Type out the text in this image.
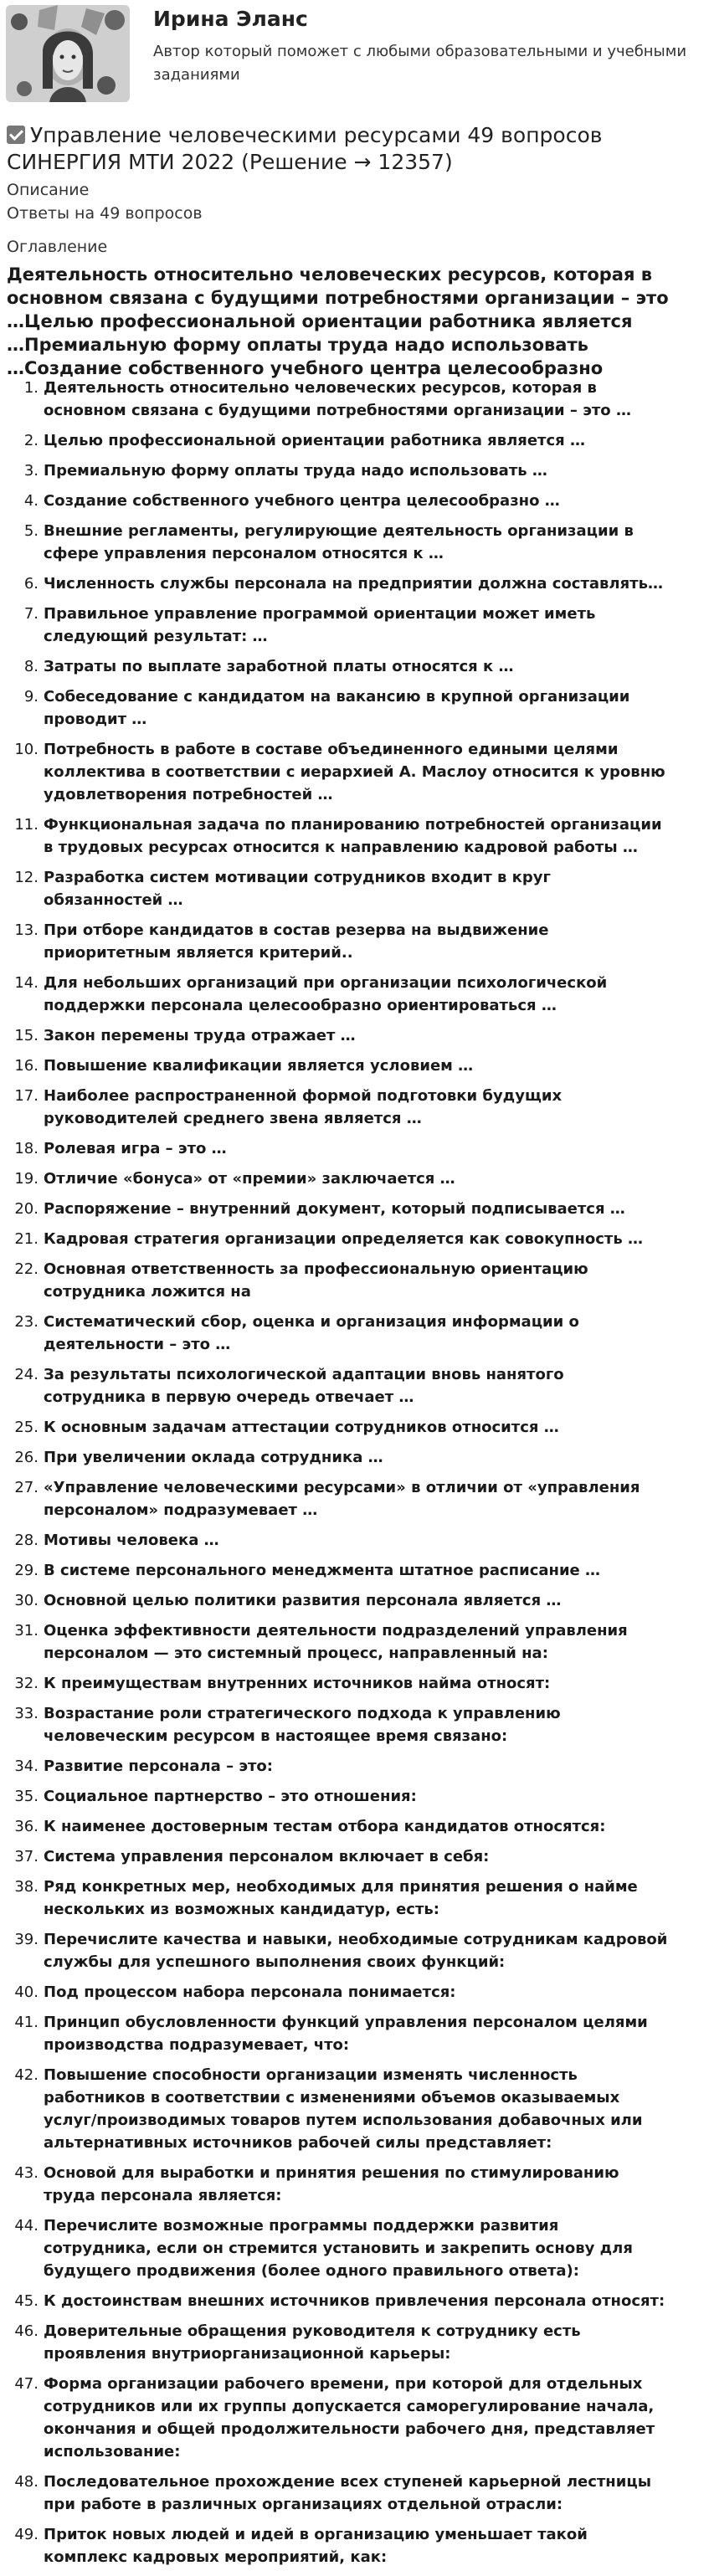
Ирина Эланс
Автор который поможет с любыми образовательными и учебными заданиями
Управление человеческими ресурсами 49 вопросов СИНЕРГИЯ МТИ 2022 (Решение → 12357)
Описание
Ответы на 49 вопросов
Оглавление
Деятельность относительно человеческих ресурсов, которая в
основном связана с будущими потребностями организации – это
…Целью профессиональной ориентации работника является
…Премиальную форму оплаты труда надо использовать
…Создание собственного учебного центра целесообразно
1. Деятельность относительно человеческих ресурсов, которая в
основном связана с будущими потребностями организации – это …
2. Целью профессиональной ориентации работника является …
3. Премиальную форму оплаты труда надо использовать …
4. Создание собственного учебного центра целесообразно …
5. Внешние регламенты, регулирующие деятельность организации в
сфере управления персоналом относятся к …
6. Численность службы персонала на предприятии должна составлять…
7. Правильное управление программой ориентации может иметь
следующий результат: …
8. Затраты по выплате заработной платы относятся к …
9. Собеседование с кандидатом на вакансию в крупной организации
проводит …
10. Потребность в работе в составе объединенного едиными целями
коллектива в соответствии с иерархией А. Маслоу относится к уровню
удовлетворения потребностей …
11. Функциональная задача по планированию потребностей организации
в трудовых ресурсах относится к направлению кадровой работы …
12. Разработка систем мотивации сотрудников входит в круг
обязанностей …
13. При отборе кандидатов в состав резерва на выдвижение
приоритетным является критерий..
14. Для небольших организаций при организации психологической
поддержки персонала целесообразно ориентироваться …
15. Закон перемены труда отражает …
16. Повышение квалификации является условием …
17. Наиболее распространенной формой подготовки будущих
руководителей среднего звена является …
18. Ролевая игра – это …
19. Отличие «бонуса» от «премии» заключается …
20. Распоряжение – внутренний документ, который подписывается …
21. Кадровая стратегия организации определяется как совокупность …
22. Основная ответственность за профессиональную ориентацию
сотрудника ложится на
23. Систематический сбор, оценка и организация информации о
деятельности – это …
24. За результаты психологической адаптации вновь нанятого
сотрудника в первую очередь отвечает …
25. К основным задачам аттестации сотрудников относится …
26. При увеличении оклада сотрудника …
27. «Управление человеческими ресурсами» в отличии от «управления
персоналом» подразумевает …
28. Мотивы человека …
29. В системе персонального менеджмента штатное расписание …
30. Основной целью политики развития персонала является …
31. Оценка эффективности деятельности подразделений управления
персоналом — это системный процесс, направленный на:
32. К преимуществам внутренних источников найма относят:
33. Возрастание роли стратегического подхода к управлению
человеческим ресурсом в настоящее время связано:
34. Развитие персонала – это:
35. Социальное партнерство – это отношения:
36. К наименее достоверным тестам отбора кандидатов относятся:
37. Система управления персоналом включает в себя:
38. Ряд конкретных мер, необходимых для принятия решения о найме
нескольких из возможных кандидатур, есть:
39. Перечислите качества и навыки, необходимые сотрудникам кадровой
службы для успешного выполнения своих функций:
40. Под процессом набора персонала понимается:
41. Принцип обусловленности функций управления персоналом целями
производства подразумевает, что:
42. Повышение способности организации изменять численность
работников в соответствии с изменениями объемов оказываемых
услуг/производимых товаров путем использования добавочных или
альтернативных источников рабочей силы представляет:
43. Основой для выработки и принятия решения по стимулированию
труда персонала является:
44. Перечислите возможные программы поддержки развития
сотрудника, если он стремится установить и закрепить основу для
будущего продвижения (более одного правильного ответа):
45. К достоинствам внешних источников привлечения персонала относят:
46. Доверительные обращения руководителя к сотруднику есть
проявления внутриорганизационной карьеры:
47. Форма организации рабочего времени, при которой для отдельных
сотрудников или их группы допускается саморегулирование начала,
окончания и общей продолжительности рабочего дня, представляет
использование:
48. Последовательное прохождение всех ступеней карьерной лестницы
при работе в различных организациях отдельной отрасли:
49. Приток новых людей и идей в организацию уменьшает такой
комплекс кадровых мероприятий, как:
